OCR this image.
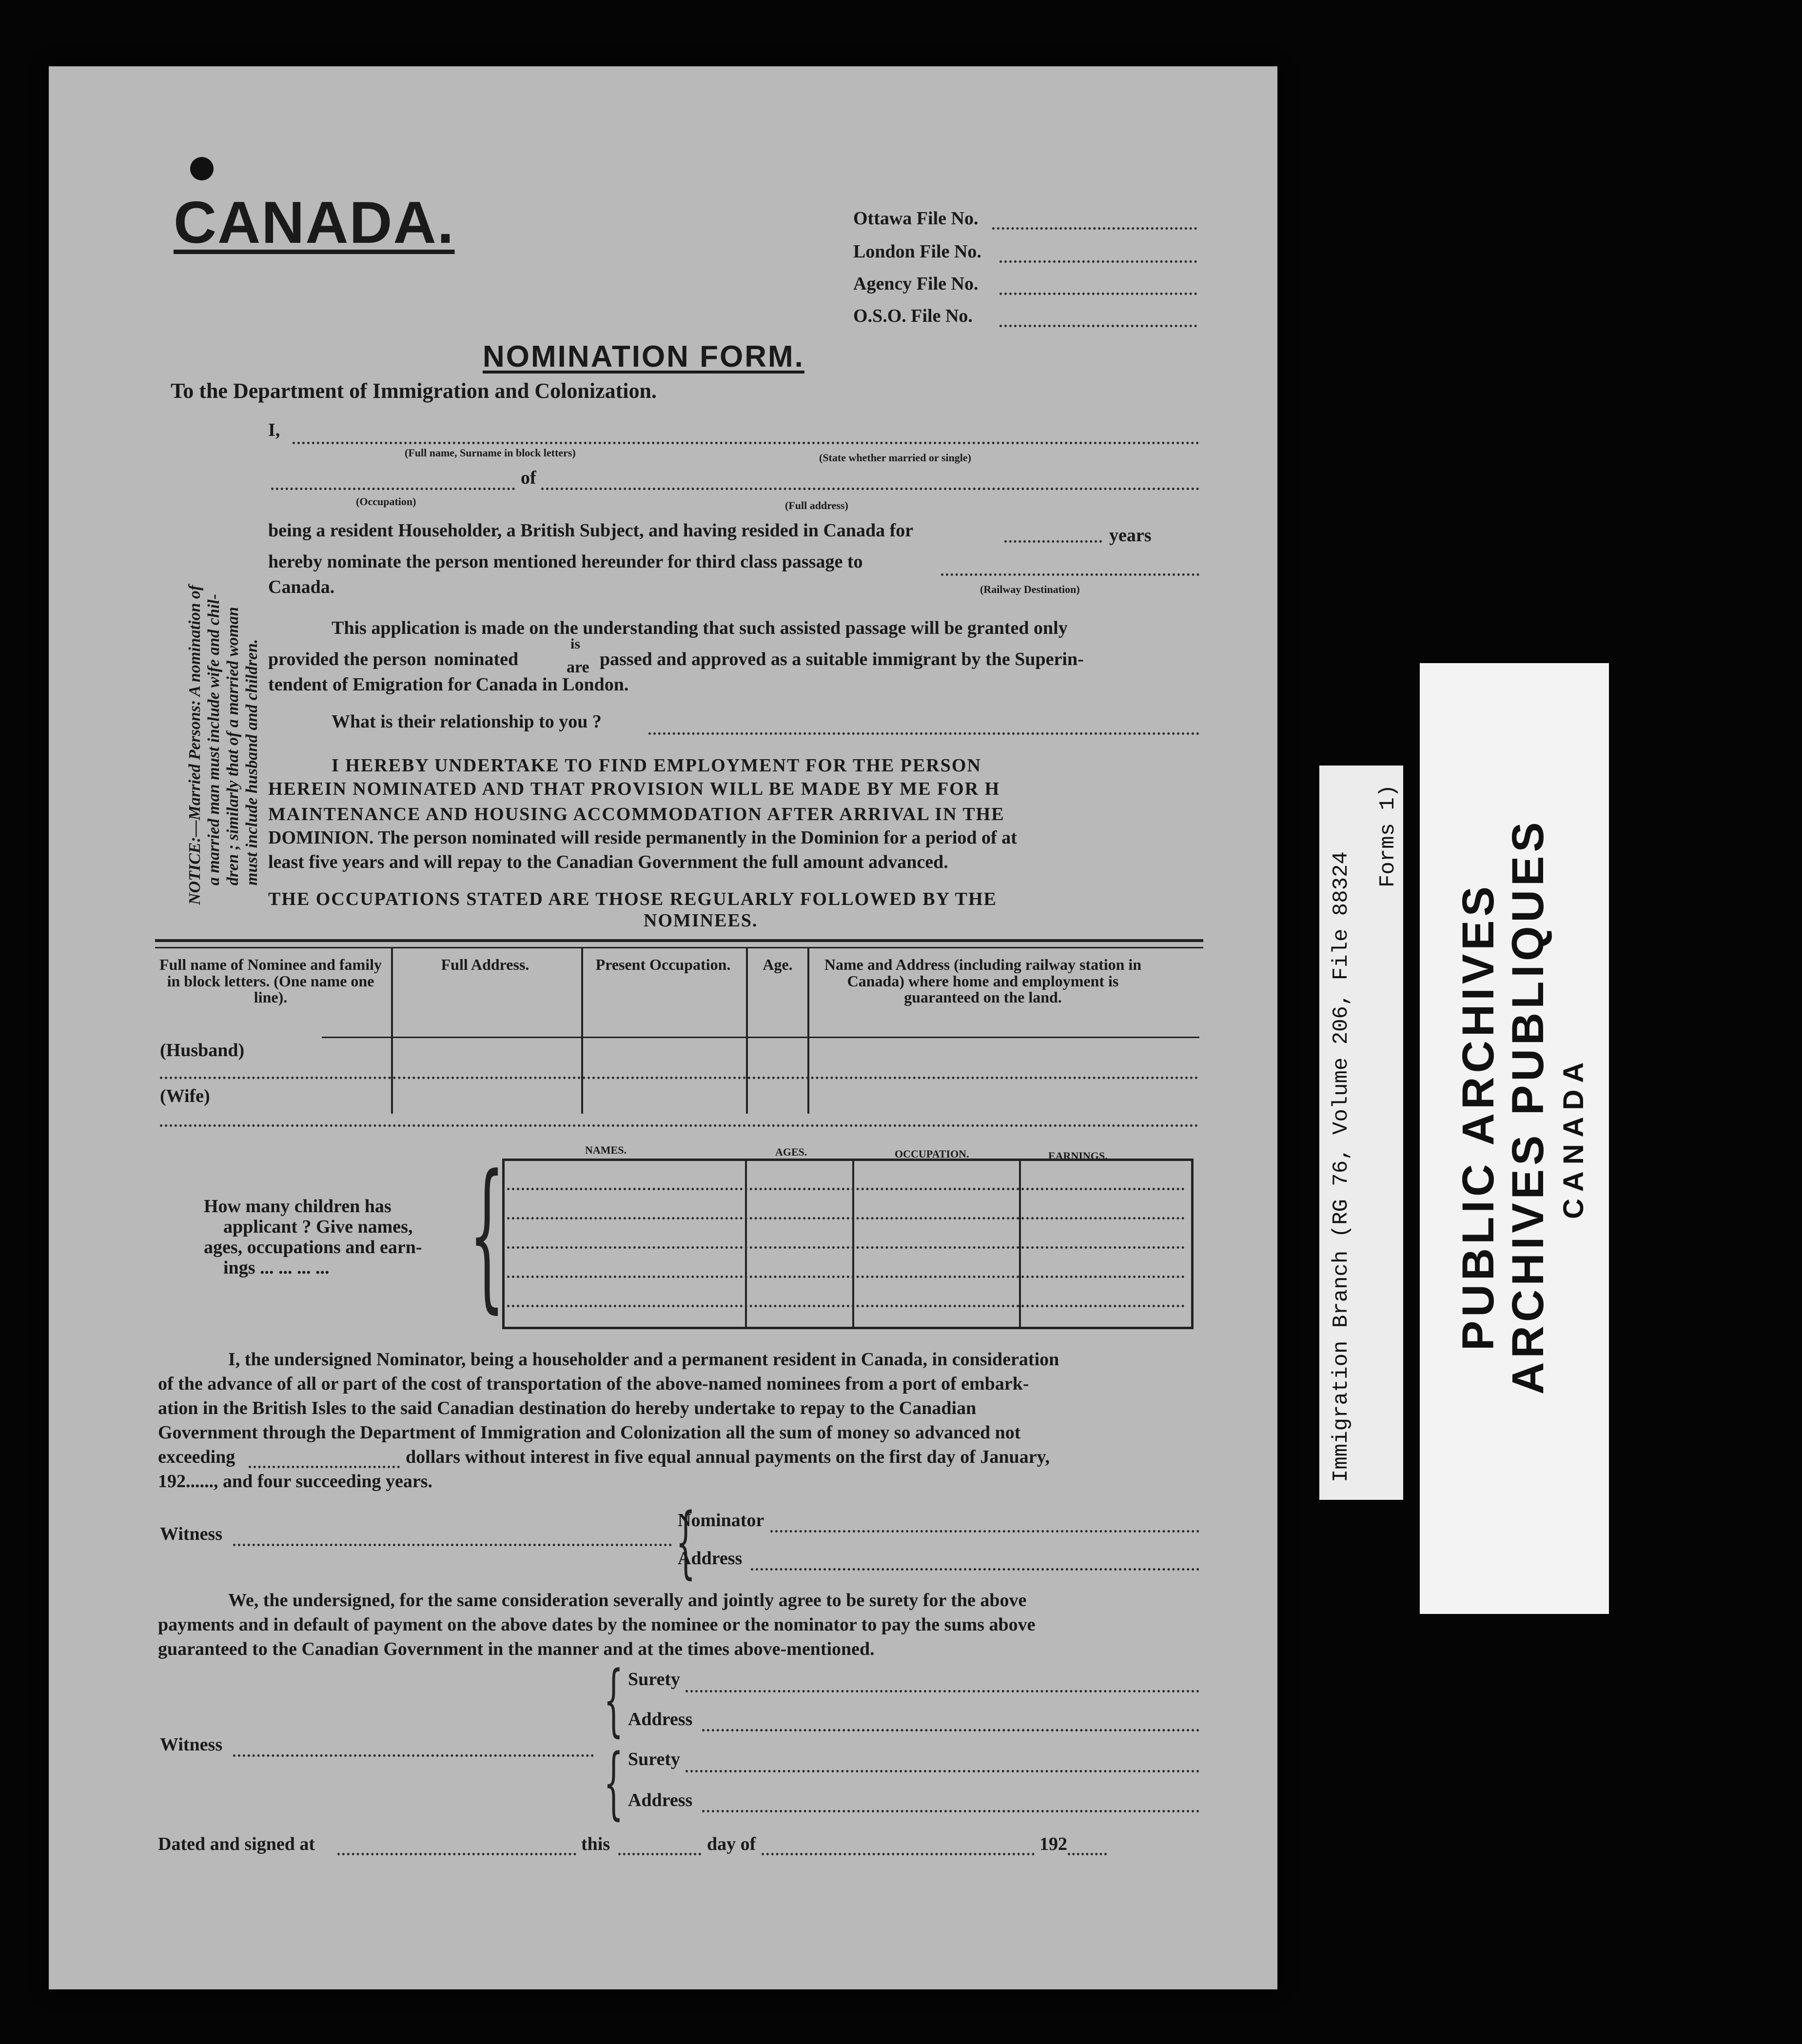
CANADA.	Ottawa File No.
London File No.
Agency File No.
O.S.O. File No.
NOMINATION FORM.
To the Department of Immigration and Colonization.
NOTICE:—Married Persons: A nomination of a married man must include wife and chil- dren ; similarly that of a married woman must include husband and children.
I,
(Full name, Surname in block letters)	(State whether married or single)
of
(Occupation)	(Full address)
being a resident Householder, a British Subject, and having resided in Canada for	years
hereby nominate the person mentioned hereunder for third class passage to
Canada.	(Railway Destination)
This application is made on the understanding that such assisted passage will be granted only
provided the person nominated
is
are passed and approved as a suitable immigrant by the Superin-
tendent of Emigration for Canada in London.
What is their relationship to you ?
I HEREBY UNDERTAKE TO FIND EMPLOYMENT FOR THE PERSON
HEREIN NOMINATED AND THAT PROVISION WILL BE MADE BY ME FOR H
MAINTENANCE AND HOUSING ACCOMMODATION AFTER ARRIVAL IN THE
DOMINION. The person nominated will reside permanently in the Dominion for a period of at
least five years and will repay to the Canadian Government the full amount advanced.
THE OCCUPATIONS STATED ARE THOSE REGULARLY FOLLOWED BY THE
NOMINEES.
Full name of Nominee and family in block letters. (One name one line).
Full Address.	Present Occupation.	Age.	Name and Address (including railway station in Canada) where home and employment is guaranteed on the land.
(Husband)
(Wife)
How many children has
applicant ? Give names,
ages, occupations and earn-
ings ... ... ... ... {	NAMES.	AGES.	OCCUPATION.	EARNINGS.
I, the undersigned Nominator, being a householder and a permanent resident in Canada, in consideration
of the advance of all or part of the cost of transportation of the above-named nominees from a port of embark-
ation in the British Isles to the said Canadian destination do hereby undertake to repay to the Canadian
Government through the Department of Immigration and Colonization all the sum of money so advanced not
exceeding	dollars without interest in five equal annual payments on the first day of January,
192......, and four succeeding years.
Witness	{
Nominator
Address
We, the undersigned, for the same consideration severally and jointly agree to be surety for the above
payments and in default of payment on the above dates by the nominee or the nominator to pay the sums above
guaranteed to the Canadian Government in the manner and at the times above-mentioned.
{ Surety
Address
Witness	{ Surety
Address
Dated and signed at	this	day of	192
Immigration Branch (RG 76, Volume 206, File 88324
Forms 1)
PUBLIC ARCHIVES ARCHIVES PUBLIQUES CANADA
